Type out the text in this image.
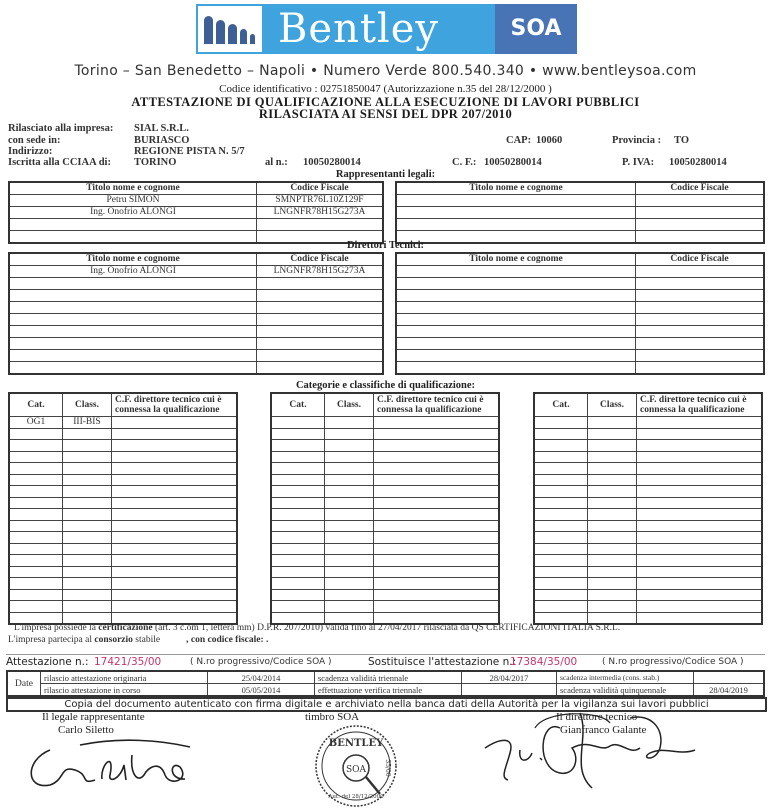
Bentley	SOA
Torino – San Benedetto – Napoli • Numero Verde 800.540.340 • www.bentleysoa.com
Codice identificativo : 02751850047 (Autorizzazione n.35 del 28/12/2000 )
ATTESTAZIONE DI QUALIFICAZIONE ALLA ESECUZIONE DI LAVORI PUBBLICI
RILASCIATA AI SENSI DEL DPR 207/2010
Rilasciato alla impresa: SIAL S.R.L.
con sede in:	BURIASCO	CAP: 10060	Provincia : TO
Indirizzo:	REGIONE PISTA N. 5/7
Iscritta alla CCIAA di: TORINO	al n.: 10050280014	C. F.: 10050280014	P. IVA: 10050280014
Rappresentanti legali:
Titolo nome e cognome	Codice Fiscale
Petru SIMON	SMNPTR76L10Z129F
Ing. Onofrio ALONGI	LNGNFR78H15G273A

Titolo nome e cognome	Codice Fiscale

Direttori Tecnici:
Titolo nome e cognome	Codice Fiscale
Ing. Onofrio ALONGI	LNGNFR78H15G273A

Titolo nome e cognome	Codice Fiscale

Categorie e classifiche di qualificazione:
Cat.	Class.	C.F. direttore tecnico cui è connessa la qualificazione
OG1	III-BIS	

Cat.	Class.	C.F. direttore tecnico cui è connessa la qualificazione

			Cat.	Class.	C.F. direttore tecnico cui è connessa la qualificazione

L'impresa possiede la certificazione (art. 3 c.om 1, lettera mm) D.P.R. 207/2010) valida fino al 27/04/2017 rilasciata da QS CERTIFICAZIONI ITALIA S.R.L.
L'impresa partecipa al consorzio stabile	, con codice fiscale: .
Attestazione n.: 17421/35/00	( N.ro progressivo/Codice SOA )	Sostituisce l'attestazione n.:
17384/35/00	( N.ro progressivo/Codice SOA )
Date	rilascio attestazione originaria	25/04/2014	scadenza validità triennale	28/04/2017	scadenza intermedia (cons. stab.)	
	rilascio attestazione in corso	05/05/2014	effettuazione verifica triennale		scadenza validità quinquennale	28/04/2019
Copia del documento autenticato con firma digitale e archiviato nella banca dati della Autorità per la vigilanza sui lavori pubblici
Il legale rappresentante
Carlo Siletto
timbro SOA
BENTLEY
SOA
Aut. del 28/12/2000
35/00
Il direttore tecnico
Gianfranco Galante
